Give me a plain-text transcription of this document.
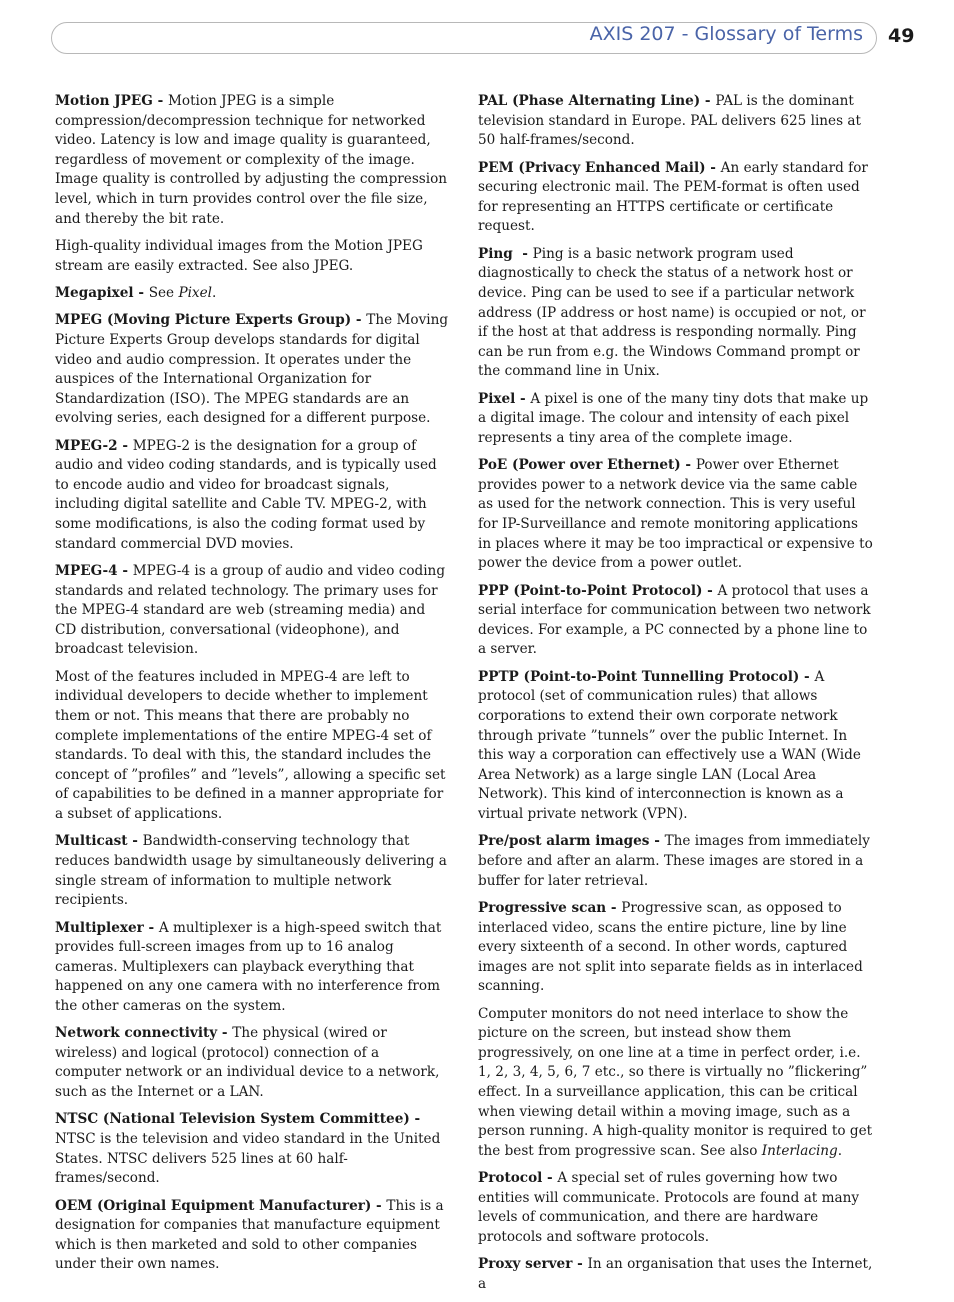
AXIS 207 - Glossary of Terms 49

Motion JPEG - Motion JPEG is a simple compression/decompression technique for networked video. Latency is low and image quality is guaranteed, regardless of movement or complexity of the image. Image quality is controlled by adjusting the compression level, which in turn provides control over the file size, and thereby the bit rate.

High-quality individual images from the Motion JPEG stream are easily extracted. See also JPEG.

Megapixel - See Pixel.

MPEG (Moving Picture Experts Group) - The Moving Picture Experts Group develops standards for digital video and audio compression. It operates under the auspices of the International Organization for Standardization (ISO). The MPEG standards are an evolving series, each designed for a different purpose.

MPEG-2 - MPEG-2 is the designation for a group of audio and video coding standards, and is typically used to encode audio and video for broadcast signals, including digital satellite and Cable TV. MPEG-2, with some modifications, is also the coding format used by standard commercial DVD movies.

MPEG-4 - MPEG-4 is a group of audio and video coding standards and related technology. The primary uses for the MPEG-4 standard are web (streaming media) and CD distribution, conversational (videophone), and broadcast television.

Most of the features included in MPEG-4 are left to individual developers to decide whether to implement them or not. This means that there are probably no complete implementations of the entire MPEG-4 set of standards. To deal with this, the standard includes the concept of ”profiles” and ”levels”, allowing a specific set of capabilities to be defined in a manner appropriate for a subset of applications.

Multicast - Bandwidth-conserving technology that reduces bandwidth usage by simultaneously delivering a single stream of information to multiple network recipients.

Multiplexer - A multiplexer is a high-speed switch that provides full-screen images from up to 16 analog cameras. Multiplexers can playback everything that happened on any one camera with no interference from the other cameras on the system.

Network connectivity - The physical (wired or wireless) and logical (protocol) connection of a computer network or an individual device to a network, such as the Internet or a LAN.

NTSC (National Television System Committee) - NTSC is the television and video standard in the United States. NTSC delivers 525 lines at 60 half-frames/second.

OEM (Original Equipment Manufacturer) - This is a designation for companies that manufacture equipment which is then marketed and sold to other companies under their own names.

PAL (Phase Alternating Line) - PAL is the dominant television standard in Europe. PAL delivers 625 lines at 50 half-frames/second.

PEM (Privacy Enhanced Mail) - An early standard for securing electronic mail. The PEM-format is often used for representing an HTTPS certificate or certificate request.

Ping  - Ping is a basic network program used diagnostically to check the status of a network host or device. Ping can be used to see if a particular network address (IP address or host name) is occupied or not, or if the host at that address is responding normally. Ping can be run from e.g. the Windows Command prompt or the command line in Unix.

Pixel - A pixel is one of the many tiny dots that make up a digital image. The colour and intensity of each pixel represents a tiny area of the complete image.

PoE (Power over Ethernet) - Power over Ethernet provides power to a network device via the same cable as used for the network connection. This is very useful for IP-Surveillance and remote monitoring applications in places where it may be too impractical or expensive to power the device from a power outlet.

PPP (Point-to-Point Protocol) - A protocol that uses a serial interface for communication between two network devices. For example, a PC connected by a phone line to a server.

PPTP (Point-to-Point Tunnelling Protocol) - A protocol (set of communication rules) that allows corporations to extend their own corporate network through private ”tunnels” over the public Internet. In this way a corporation can effectively use a WAN (Wide Area Network) as a large single LAN (Local Area Network). This kind of interconnection is known as a virtual private network (VPN).

Pre/post alarm images - The images from immediately before and after an alarm. These images are stored in a buffer for later retrieval.

Progressive scan - Progressive scan, as opposed to interlaced video, scans the entire picture, line by line every sixteenth of a second. In other words, captured images are not split into separate fields as in interlaced scanning.

Computer monitors do not need interlace to show the picture on the screen, but instead show them progressively, on one line at a time in perfect order, i.e. 1, 2, 3, 4, 5, 6, 7 etc., so there is virtually no ”flickering” effect. In a surveillance application, this can be critical when viewing detail within a moving image, such as a person running. A high-quality monitor is required to get the best from progressive scan. See also Interlacing.

Protocol - A special set of rules governing how two entities will communicate. Protocols are found at many levels of communication, and there are hardware protocols and software protocols.

Proxy server - In an organisation that uses the Internet, a
